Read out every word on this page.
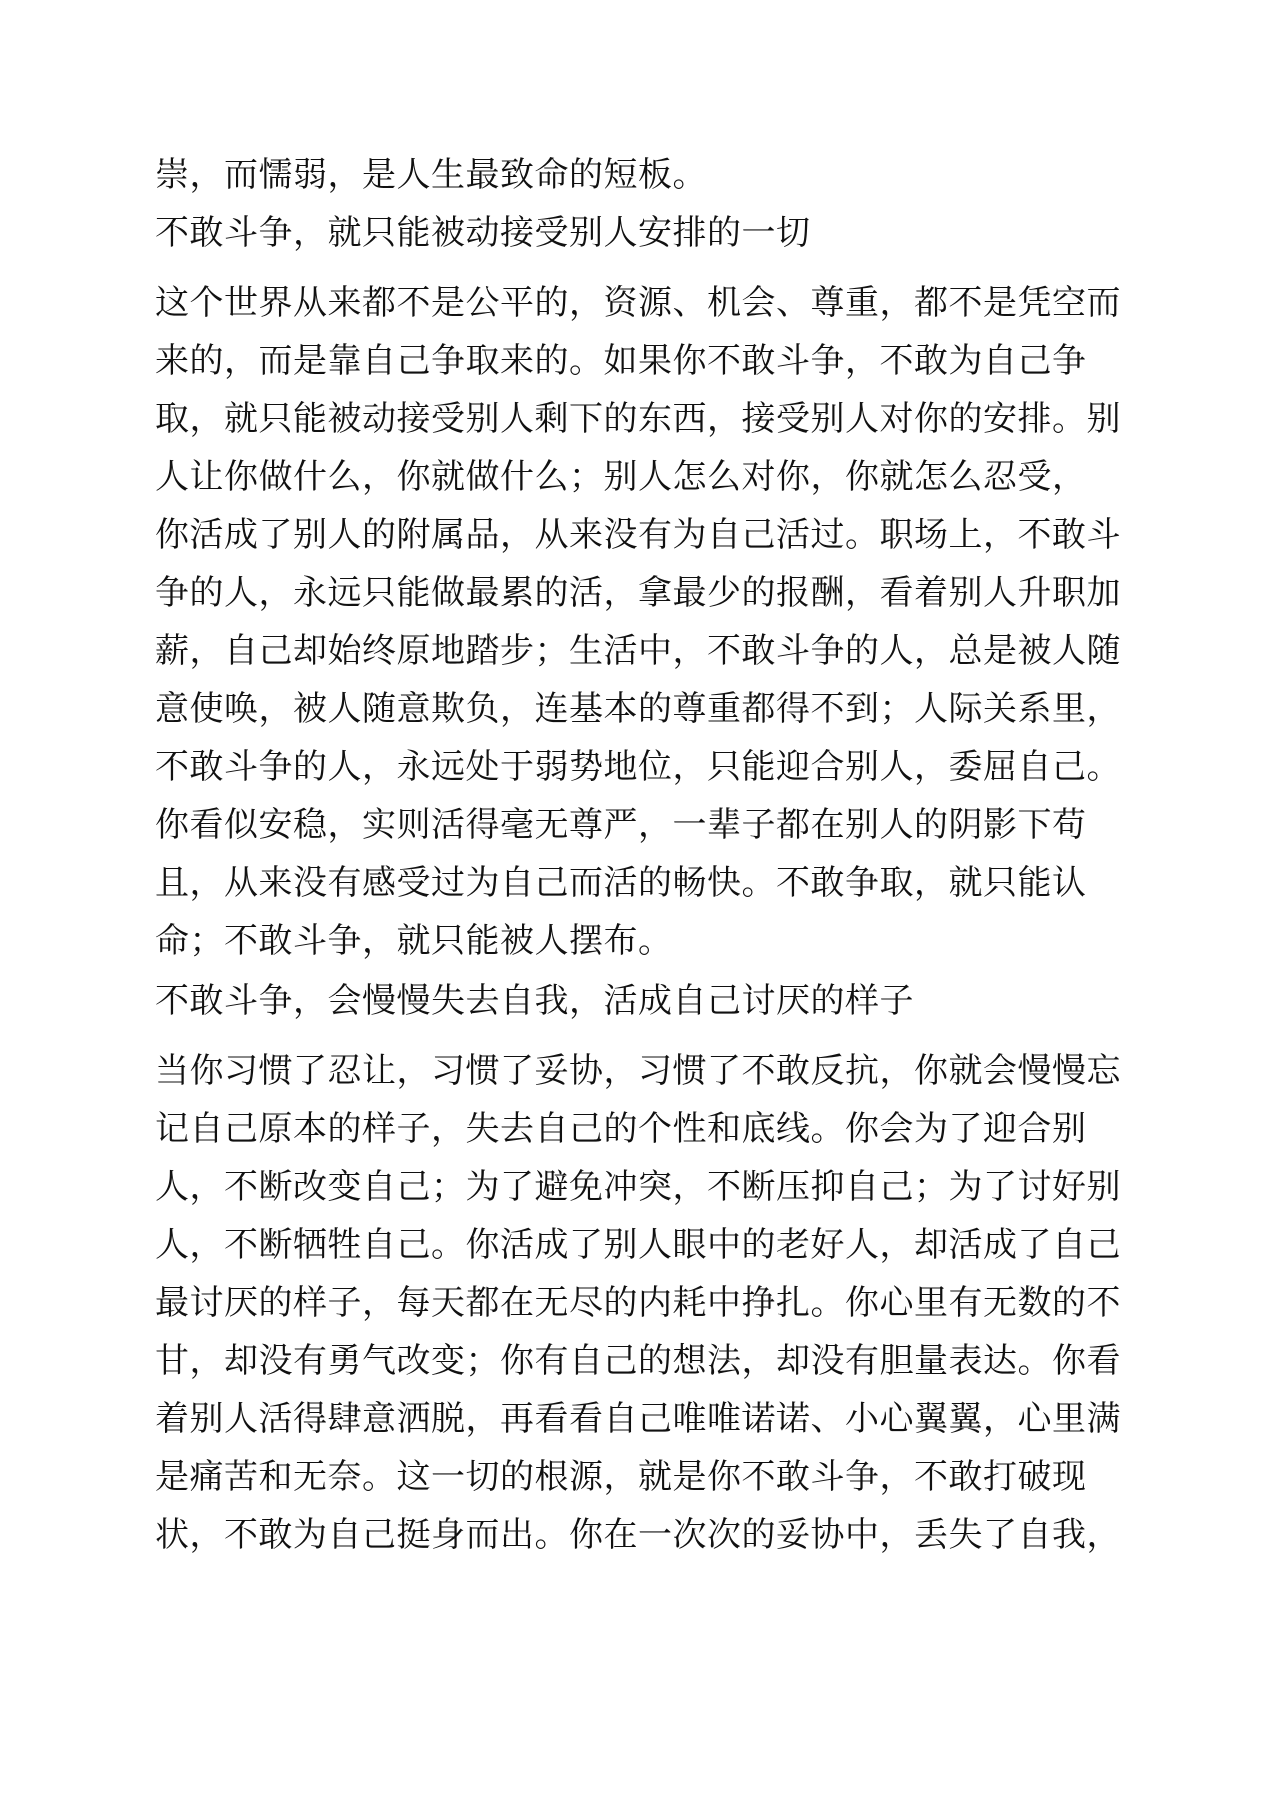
崇，而懦弱，是人生最致命的短板。
不敢斗争，就只能被动接受别人安排的一切
这个世界从来都不是公平的，资源、机会、尊重，都不是凭空而
来的，而是靠自己争取来的。如果你不敢斗争，不敢为自己争
取，就只能被动接受别人剩下的东西，接受别人对你的安排。别
人让你做什么，你就做什么；别人怎么对你，你就怎么忍受，
你活成了别人的附属品，从来没有为自己活过。职场上，不敢斗
争的人，永远只能做最累的活，拿最少的报酬，看着别人升职加
薪，自己却始终原地踏步；生活中，不敢斗争的人，总是被人随
意使唤，被人随意欺负，连基本的尊重都得不到；人际关系里，
不敢斗争的人，永远处于弱势地位，只能迎合别人，委屈自己。
你看似安稳，实则活得毫无尊严，一辈子都在别人的阴影下苟
且，从来没有感受过为自己而活的畅快。不敢争取，就只能认
命；不敢斗争，就只能被人摆布。
不敢斗争，会慢慢失去自我，活成自己讨厌的样子
当你习惯了忍让，习惯了妥协，习惯了不敢反抗，你就会慢慢忘
记自己原本的样子，失去自己的个性和底线。你会为了迎合别
人，不断改变自己；为了避免冲突，不断压抑自己；为了讨好别
人，不断牺牲自己。你活成了别人眼中的老好人，却活成了自己
最讨厌的样子，每天都在无尽的内耗中挣扎。你心里有无数的不
甘，却没有勇气改变；你有自己的想法，却没有胆量表达。你看
着别人活得肆意洒脱，再看看自己唯唯诺诺、小心翼翼，心里满
是痛苦和无奈。这一切的根源，就是你不敢斗争，不敢打破现
状，不敢为自己挺身而出。你在一次次的妥协中，丢失了自我，
